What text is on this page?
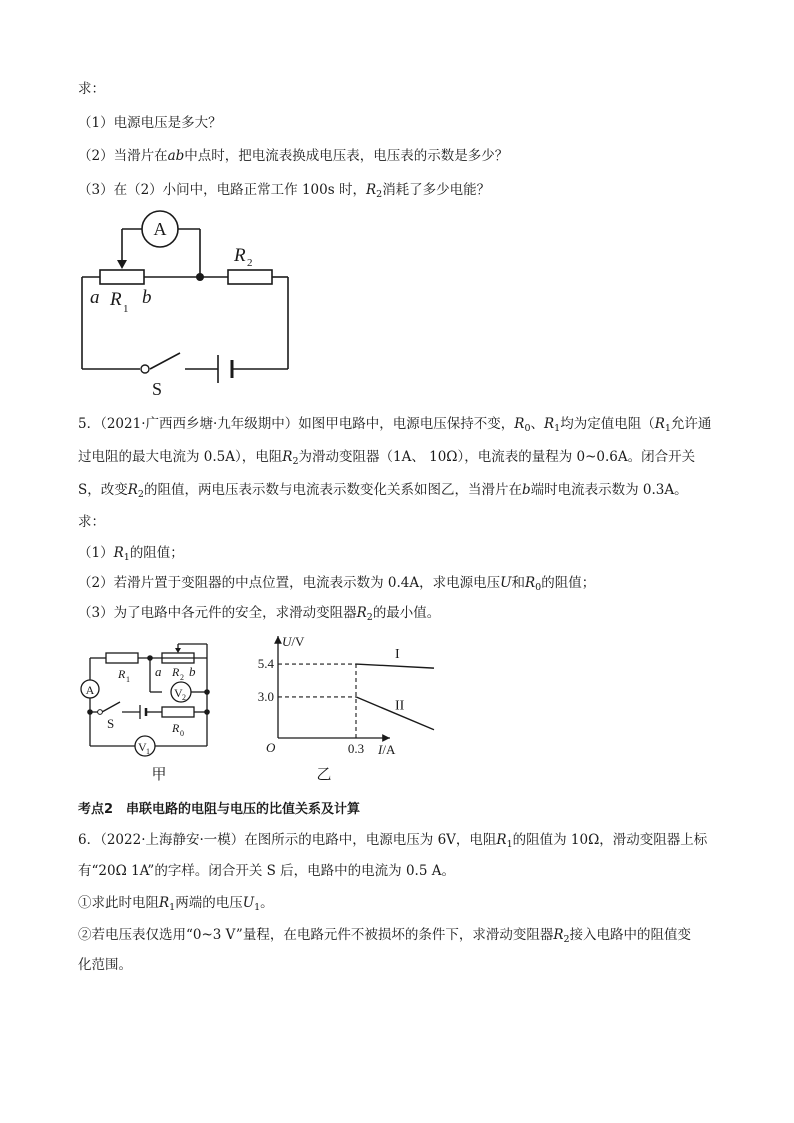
求：
（1）电源电压是多大？
（2）当滑片在ab中点时，把电流表换成电压表，电压表的示数是多少？
（3）在（2）小问中，电路正常工作 100s 时，$R_2$消耗了多少电能？
A
R 2
a b
R 1
S
5．（2021·广西西乡塘·九年级期中）如图甲电路中，电源电压保持不变，$R_0$、$R_1$均为定值电阻（$R_1$允许通
过电阻的最大电流为 0.5A），电阻$R_2$为滑动变阻器（1A、 10Ω），电流表的量程为 0~0.6A。闭合开关
S，改变$R_2$的阻值，两电压表示数与电流表示数变化关系如图乙，当滑片在b端时电流表示数为 0.3A。
求：
$(1)R_1$的阻值；
（2）若滑片置于变阻器的中点位置，电流表示数为 0.4A，求电源电压U和$R_0$的阻值；
（3）为了电路中各元件的安全，求滑动变阻器$R_2$的最小值。
R 1
a R 2 b
V 2
A
S	R 0
V 1
甲
U/V
I/A
O
5.4
3.0
0.3
I
II
乙
考点2　串联电路的电阻与电压的比值关系及计算
6．（2022·上海静安·一模）在图所示的电路中，电源电压为 6V，电阻$R_1$的阻值为 10Ω，滑动变阻器上标
有“20Ω 1A”的字样。闭合开关 S 后，电路中的电流为 0.5 A。
①求此时电阻$R_1$两端的电压$U_1$。
②若电压表仅选用“0~3 V”量程，在电路元件不被损坏的条件下，求滑动变阻器$R_2$接入电路中的阻值变
化范围。
